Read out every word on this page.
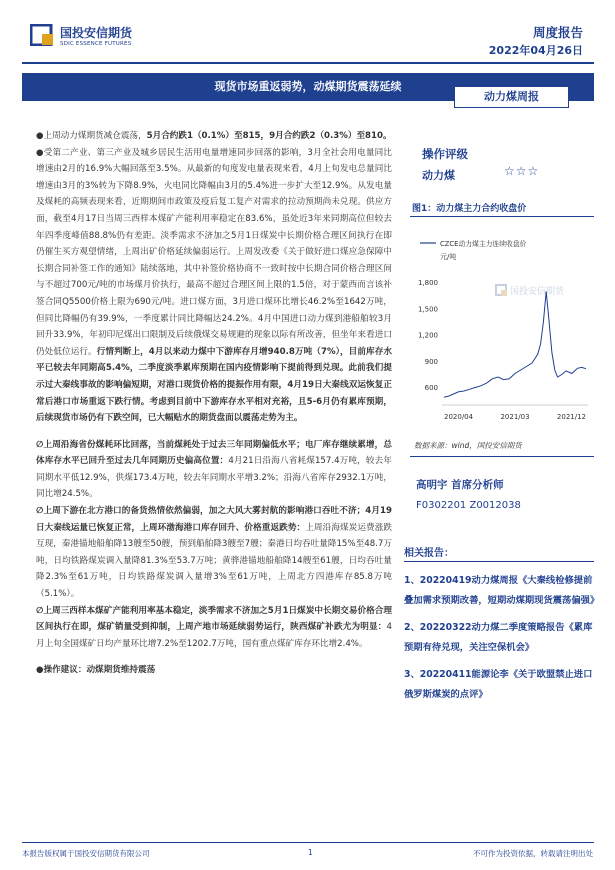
国投安信期货
SDIC ESSENCE FUTURES
周度报告
2022年04月26日
现货市场重返弱势，动煤期货震荡延续
动力煤周报

●上周动力煤期货减仓震荡，5月合约跌1（0.1%）至815，9月合约跌2（0.3%）至810。

●受第二产业、第三产业及城乡居民生活用电量增速同步回落的影响，3月全社会用电量同比增速由2月的16.9%大幅回落至3.5%。从最新的旬度发电量表现来看，4月上旬发电总量同比增速由3月的3%转为下降8.9%，火电同比降幅由3月的5.4%进一步扩大至12.9%。从发电量及煤耗的高频表现来看，近期期间市政策及疫后复工复产对需求的拉动预期尚未兑现。供应方面，截至4月17日当周三西样本煤矿产能利用率稳定在83.6%，虽处近3年来同期高位但较去年四季度峰值88.8%仍有差距。淡季需求不济加之5月1日煤炭中长期价格合理区间执行在即仍催生买方观望情绪，上周出矿价格延续偏弱运行。上周发改委《关于做好进口煤应急保障中长期合同补签工作的通知》陆续落地，其中补签价格协商不一致时按中长期合同价格合理区间与不超过700元/吨的市场煤月价执行，最高不超过合理区间上限的1.5倍，对于蒙西而言该补签合同Q5500价格上限为690元/吨。进口煤方面，3月进口煤环比增长46.2%至1642万吨，但同比降幅仍有39.9%，一季度累计同比降幅达24.2%。4月中国进口动力煤到港船舶较3月回升33.9%，年初印尼煤出口限制及后续俄煤交易规避的现象以际有所改善，但坐年来看进口仍处低位运行。行情判断上，4月以来动力煤中下游库存月增940.8万吨（7%），目前库存水平已较去年同期高5.4%，二季度淡季累库预期在国内疫情影响下提前得到兑现。此前我们提示过大秦线事故的影响偏短期，对港口现货价格的提振作用有限，4月19日大秦线双运恢复正常后港口市场重返下跌行情。考虑到目前中下游库存水平相对充裕，且5-6月仍有累库预期，后续现货市场仍有下跌空间，已大幅贴水的期货盘面以震荡走势为主。

∅上周沿海省份煤耗环比回落，当前煤耗处于过去三年同期偏低水平；电厂库存继续累增，总体库存水平已回升至过去几年同期历史偏高位置：4月21日沿海八省耗煤157.4万吨，较去年同期水平低12.9%，供煤173.4万吨，较去年同期水平增3.2%；沿海八省库存2932.1万吨，同比增24.5%。

∅上周下游在北方港口的备货热情依然偏弱，加之大风大雾封航的影响港口吞吐不济；4月19日大秦线运量已恢复正常，上周环渤海港口库存回升、价格重返跌势：上周沿海煤炭运费涨跌互现，秦港锚地船舶降13艘至50艘，预到船舶降3艘至7艘；秦港日均吞吐量降15%至48.7万吨，日均铁路煤炭调入量降81.3%至53.7万吨；黄骅港锚地船舶降14艘至61艘，日均吞吐量降2.3%至61万吨，日均铁路煤炭调入量增3%至61万吨，上周北方四港库存85.8万吨（5.1%）。

∅上周三西样本煤矿产能利用率基本稳定，淡季需求不济加之5月1日煤炭中长期交易价格合理区间执行在即，煤矿销量受到抑制，上周产地市场延续弱势运行，陕西煤矿补跌尤为明显：4月上旬全国煤矿日均产量环比增7.2%至1202.7万吨，国有重点煤矿库存环比增2.4%。

●操作建议：动煤期货维持震荡

操作评级
动力煤	☆☆☆
图1：动力煤主力合约收盘价
国投安信期货
CZCE动力煤主力连续收盘价
元/吨
600
900
1,200
1,500
1,800
2020/04	2021/03	2021/12
数据来源：wind，国投安信期货
高明宇 首席分析师
F0302201 Z0012038
相关报告：
1、20220419动力煤周报《大秦线检修提前叠加需求预期改善，短期动煤期现货震荡偏强》
2、20220322动力煤二季度策略报告《累库预期有待兑现，关注空保机会》
3、20220411能源论李《关于欧盟禁止进口俄罗斯煤炭的点评》
本报告版权属于国投安信期货有限公司	1	不可作为投资依据，转载请注明出处
